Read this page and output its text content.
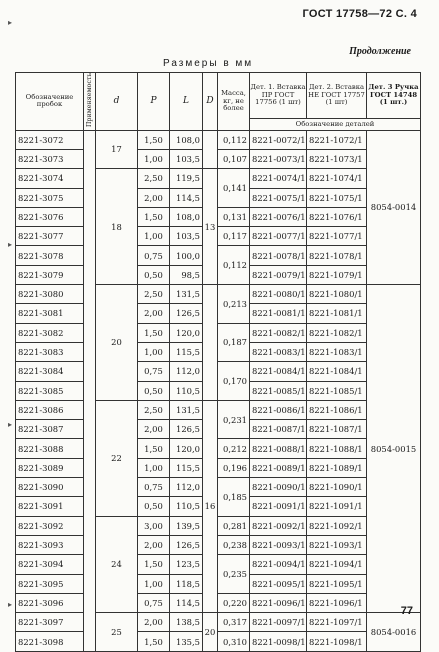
ГОСТ 17758—72 С. 4
Продолжение
Размеры в мм
▸
▸
▸
▸
Обозначение пробок	Применяемость	d	P	L	D	Масса, кг, не более	Дет. 1. Вставка ПР ГОСТ 17756 (1 шт)	Дет. 2. Вставка НЕ ГОСТ 17757 (1 шт)	Дет. 3 Ручка ГОСТ 14748 (1 шт.)
							Обозначение деталей		
8221-3072		17	1,50	108,0		0,112	8221-0072/1	8221-1072/1	8054-0014
8221-3073			1,00	103,5		0,107	8221-0073/1	8221-1073/1	
8221-3074		18	2,50	119,5	13	0,141	8221-0074/1	8221-1074/1	
8221-3075			2,00	114,5			8221-0075/1	8221-1075/1	
8221-3076			1,50	108,0		0,131	8221-0076/1	8221-1076/1	
8221-3077			1,00	103,5		0,117	8221-0077/1	8221-1077/1	
8221-3078			0,75	100,0		0,112	8221-0078/1	8221-1078/1	
8221-3079			0,50	98,5			8221-0079/1	8221-1079/1	
8221-3080		20	2,50	131,5		0,213	8221-0080/1	8221-1080/1	8054-0015
8221-3081			2,00	126,5			8221-0081/1	8221-1081/1	
8221-3082			1,50	120,0		0,187	8221-0082/1	8221-1082/1	
8221-3083			1,00	115,5			8221-0083/1	8221-1083/1	
8221-3084			0,75	112,0		0,170	8221-0084/1	8221-1084/1	
8221-3085			0,50	110,5			8221-0085/1	8221-1085/1	
8221-3086		22	2,50	131,5	16	0,231	8221-0086/1	8221-1086/1	
8221-3087			2,00	126,5			8221-0087/1	8221-1087/1	
8221-3088			1,50	120,0		0,212	8221-0088/1	8221-1088/1	
8221-3089			1,00	115,5		0,196	8221-0089/1	8221-1089/1	
8221-3090			0,75	112,0		0,185	8221-0090/1	8221-1090/1	
8221-3091			0,50	110,5			8221-0091/1	8221-1091/1	
8221-3092		24	3,00	139,5		0,281	8221-0092/1	8221-1092/1	
8221-3093			2,00	126,5		0,238	8221-0093/1	8221-1093/1	
8221-3094			1,50	123,5		0,235	8221-0094/1	8221-1094/1	
8221-3095			1,00	118,5			8221-0095/1	8221-1095/1	
8221-3096			0,75	114,5		0,220	8221-0096/1	8221-1096/1	
8221-3097		25	2,00	138,5	20	0,317	8221-0097/1	8221-1097/1	8054-0016
8221-3098			1,50	135,5		0,310	8221-0098/1	8221-1098/1	
77
